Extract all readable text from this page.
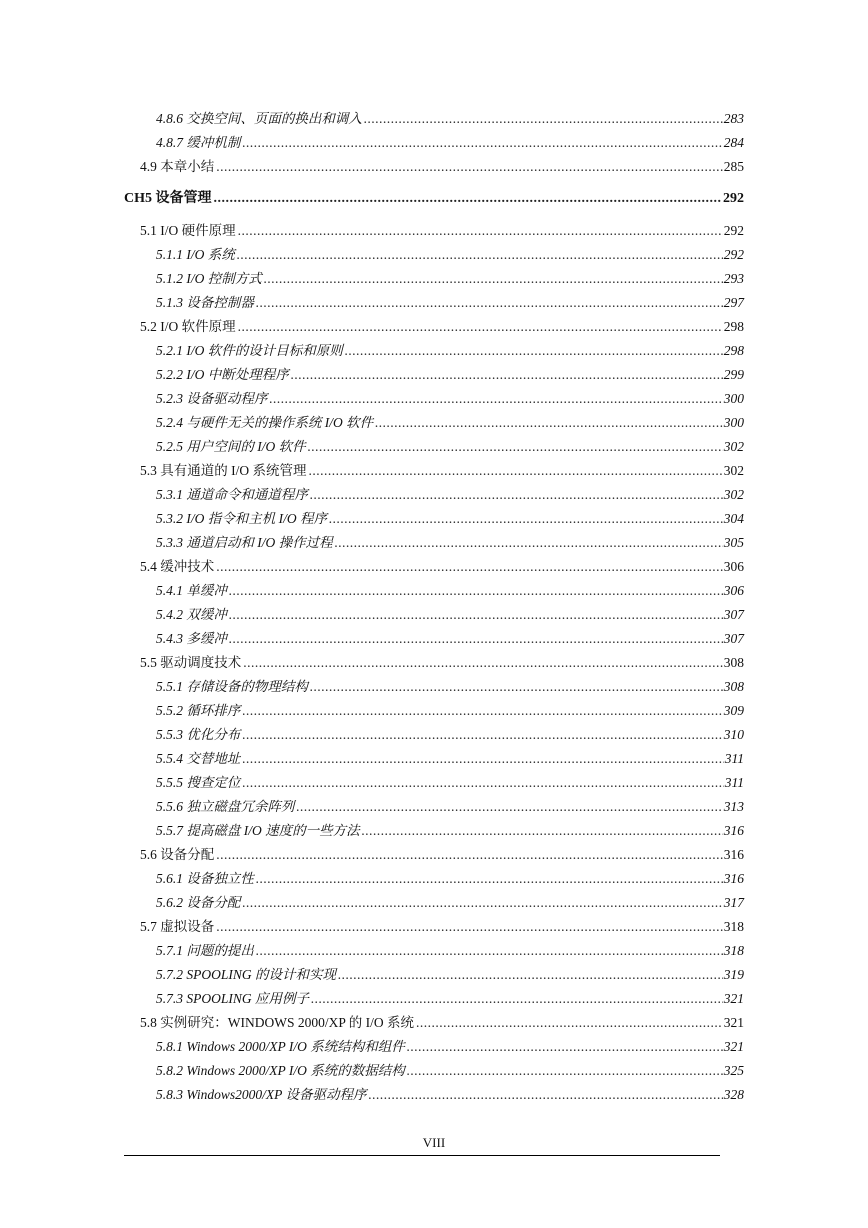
4.8.6 交换空间、页面的换出和调入 .....	283
4.8.7 缓冲机制 .....	284
4.9 本章小结 .....	285
CH5 设备管理 .....	292
5.1 I/O 硬件原理 .....	292
5.1.1 I/O 系统 .....	292
5.1.2 I/O 控制方式 .....	293
5.1.3 设备控制器 .....	297
5.2 I/O 软件原理 .....	298
5.2.1 I/O 软件的设计目标和原则 .....	298
5.2.2 I/O 中断处理程序 .....	299
5.2.3 设备驱动程序 .....	300
5.2.4 与硬件无关的操作系统 I/O 软件 .....	300
5.2.5 用户空间的 I/O 软件 .....	302
5.3 具有通道的 I/O 系统管理 .....	302
5.3.1 通道命令和通道程序 .....	302
5.3.2 I/O 指令和主机 I/O 程序 .....	304
5.3.3 通道启动和 I/O 操作过程 .....	305
5.4 缓冲技术 .....	306
5.4.1 单缓冲 .....	306
5.4.2 双缓冲 .....	307
5.4.3 多缓冲 .....	307
5.5 驱动调度技术 .....	308
5.5.1 存储设备的物理结构 .....	308
5.5.2 循环排序 .....	309
5.5.3 优化分布 .....	310
5.5.4 交替地址 .....	311
5.5.5 搜查定位 .....	311
5.5.6 独立磁盘冗余阵列 .....	313
5.5.7 提高磁盘 I/O 速度的一些方法 .....	316
5.6 设备分配 .....	316
5.6.1 设备独立性 .....	316
5.6.2 设备分配 .....	317
5.7 虚拟设备 .....	318
5.7.1 问题的提出 .....	318
5.7.2 SPOOLING 的设计和实现 .....	319
5.7.3 SPOOLING 应用例子 .....	321
5.8 实例研究：WINDOWS 2000/XP 的 I/O 系统 .....	321
5.8.1 Windows 2000/XP I/O 系统结构和组件 .....	321
5.8.2 Windows 2000/XP I/O 系统的数据结构 .....	325
5.8.3 Windows2000/XP 设备驱动程序 .....	328
VIII
